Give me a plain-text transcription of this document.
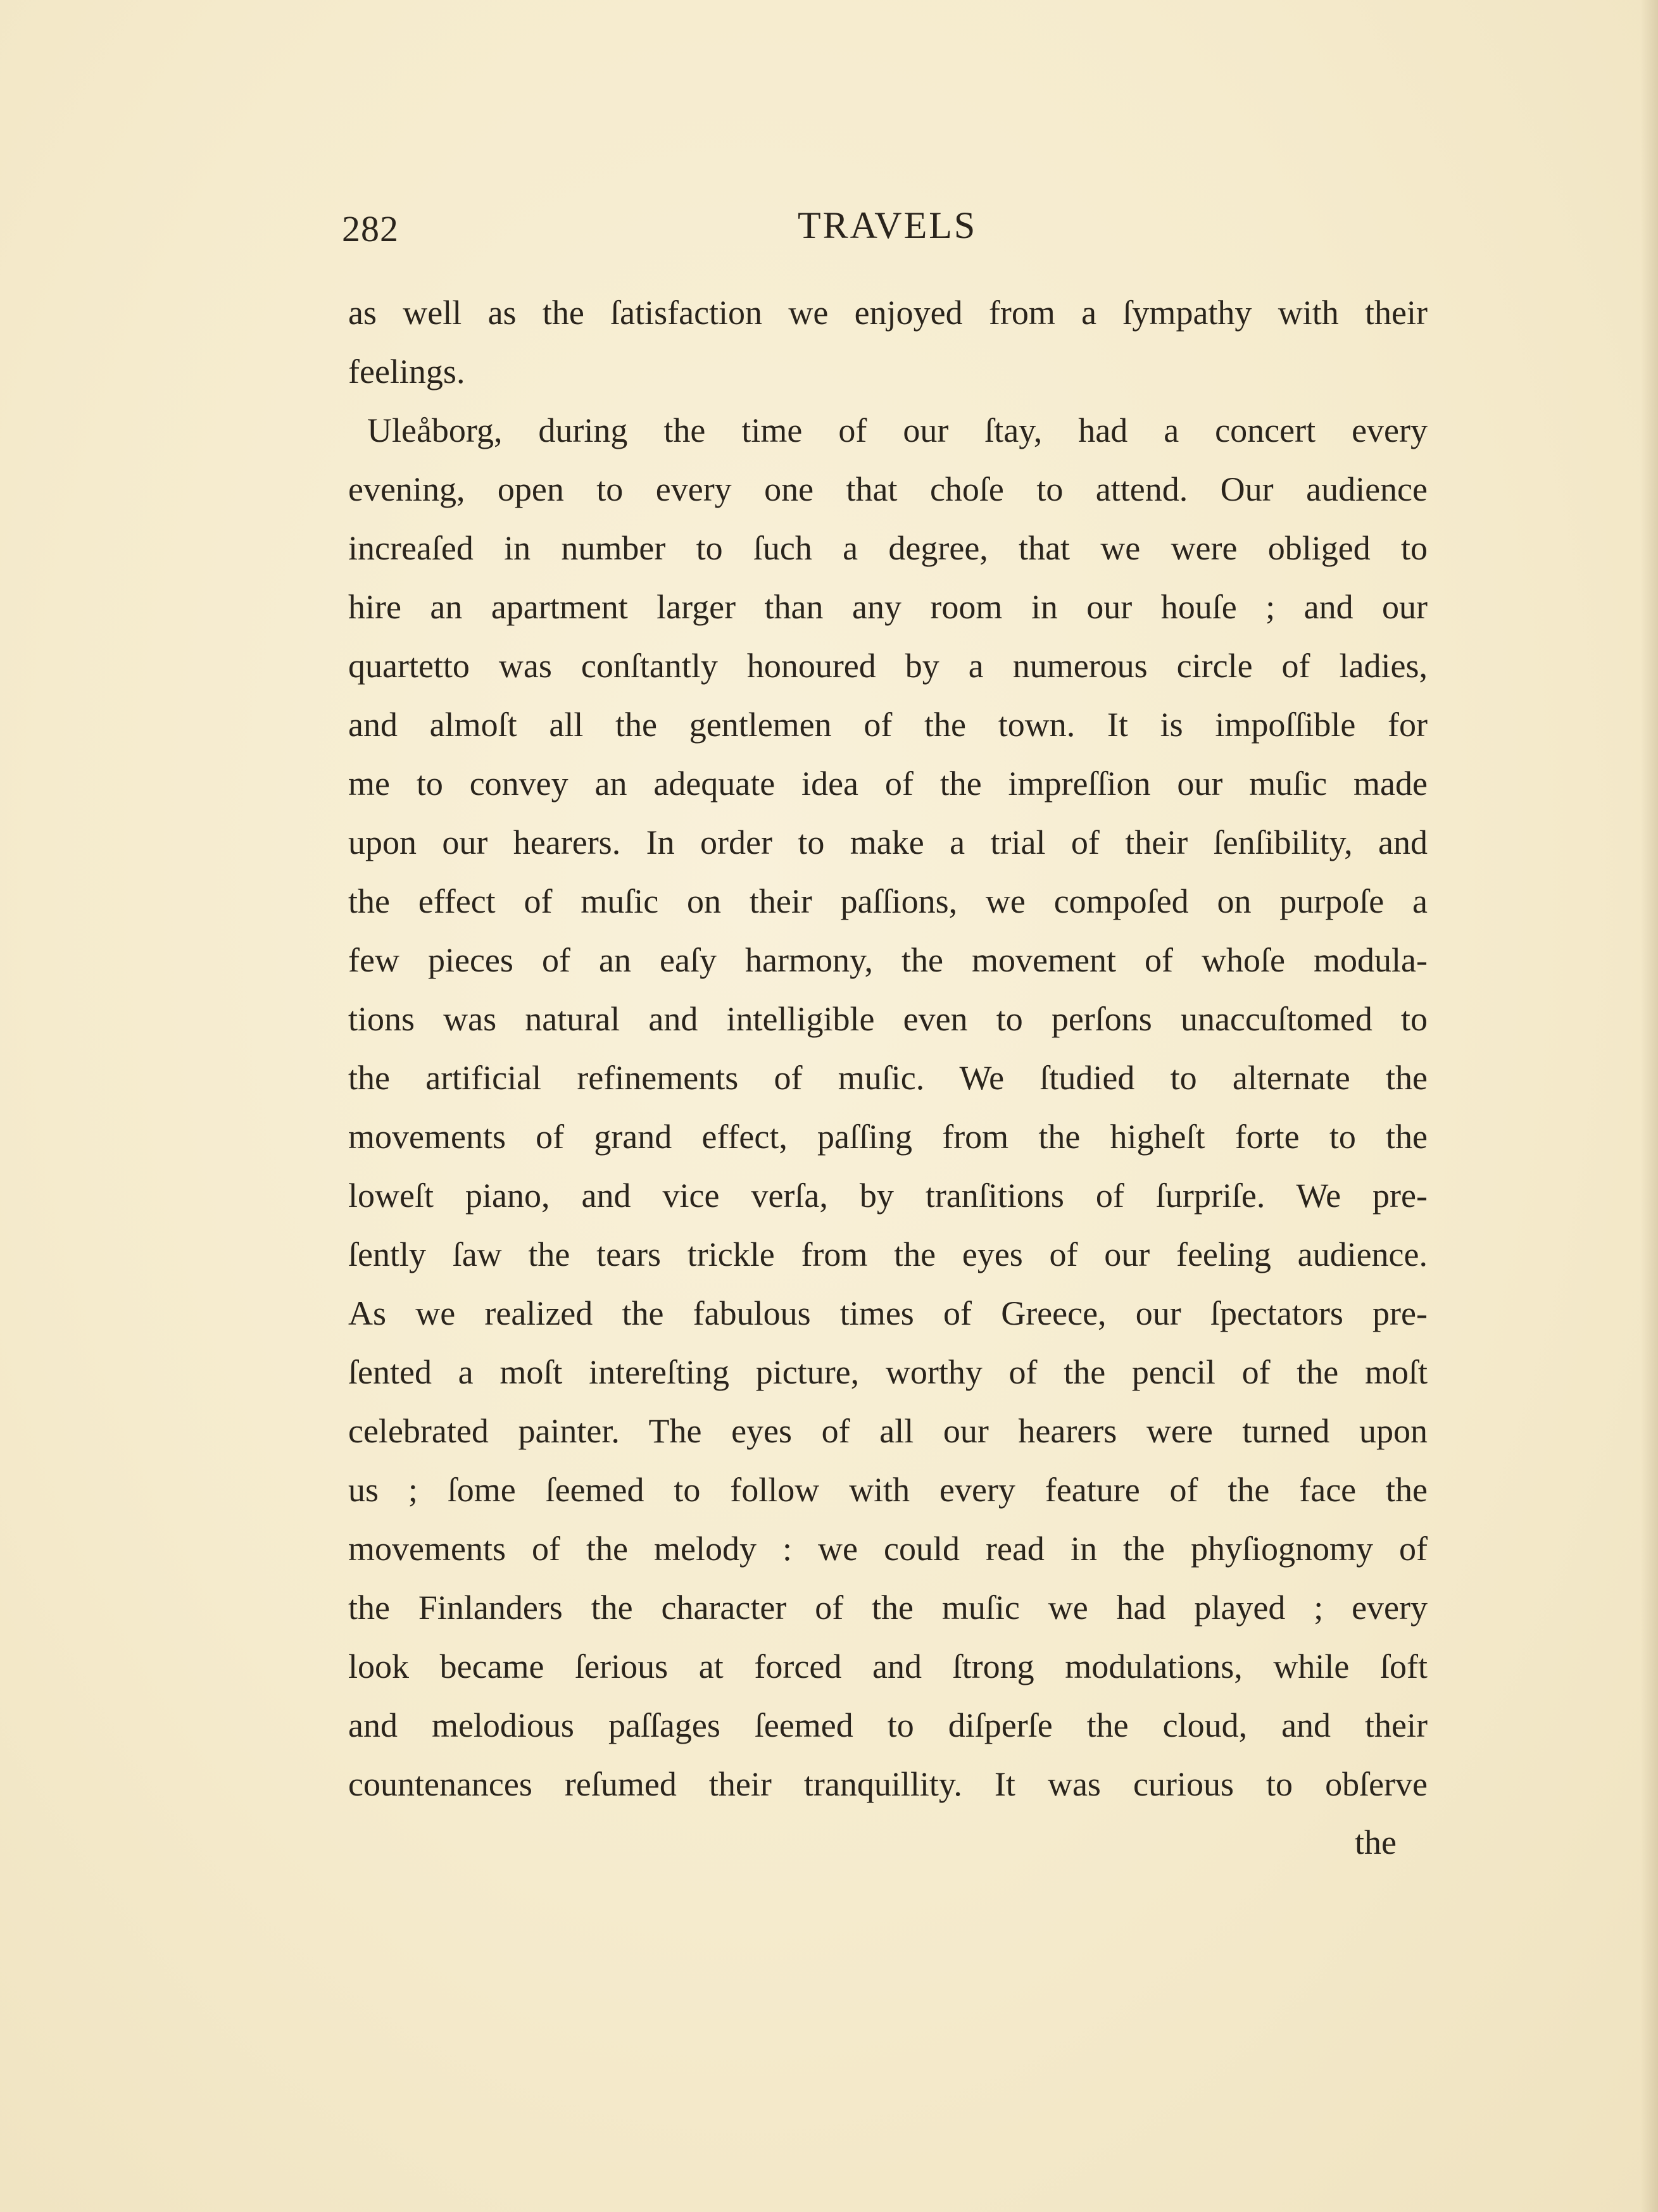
282	TRAVELS
as well as the ſatisfaction we enjoyed from a ſympathy with their
feelings.
Uleåborg, during the time of our ſtay, had a concert every
evening, open to every one that choſe to attend. Our audience
increaſed in number to ſuch a degree, that we were obliged to
hire an apartment larger than any room in our houſe ; and our
quartetto was conſtantly honoured by a numerous circle of ladies,
and almoſt all the gentlemen of the town. It is impoſſible for
me to convey an adequate idea of the impreſſion our muſic made
upon our hearers. In order to make a trial of their ſenſibility, and
the effect of muſic on their paſſions, we compoſed on purpoſe a
few pieces of an eaſy harmony, the movement of whoſe modula-
tions was natural and intelligible even to perſons unaccuſtomed to
the artificial refinements of muſic. We ſtudied to alternate the
movements of grand effect, paſſing from the higheſt forte to the
loweſt piano, and vice verſa, by tranſitions of ſurpriſe. We pre-
ſently ſaw the tears trickle from the eyes of our feeling audience.
As we realized the fabulous times of Greece, our ſpectators pre-
ſented a moſt intereſting picture, worthy of the pencil of the moſt
celebrated painter. The eyes of all our hearers were turned upon
us ; ſome ſeemed to follow with every feature of the face the
movements of the melody : we could read in the phyſiognomy of
the Finlanders the character of the muſic we had played ; every
look became ſerious at forced and ſtrong modulations, while ſoft
and melodious paſſages ſeemed to diſperſe the cloud, and their
countenances reſumed their tranquillity. It was curious to obſerve
the
